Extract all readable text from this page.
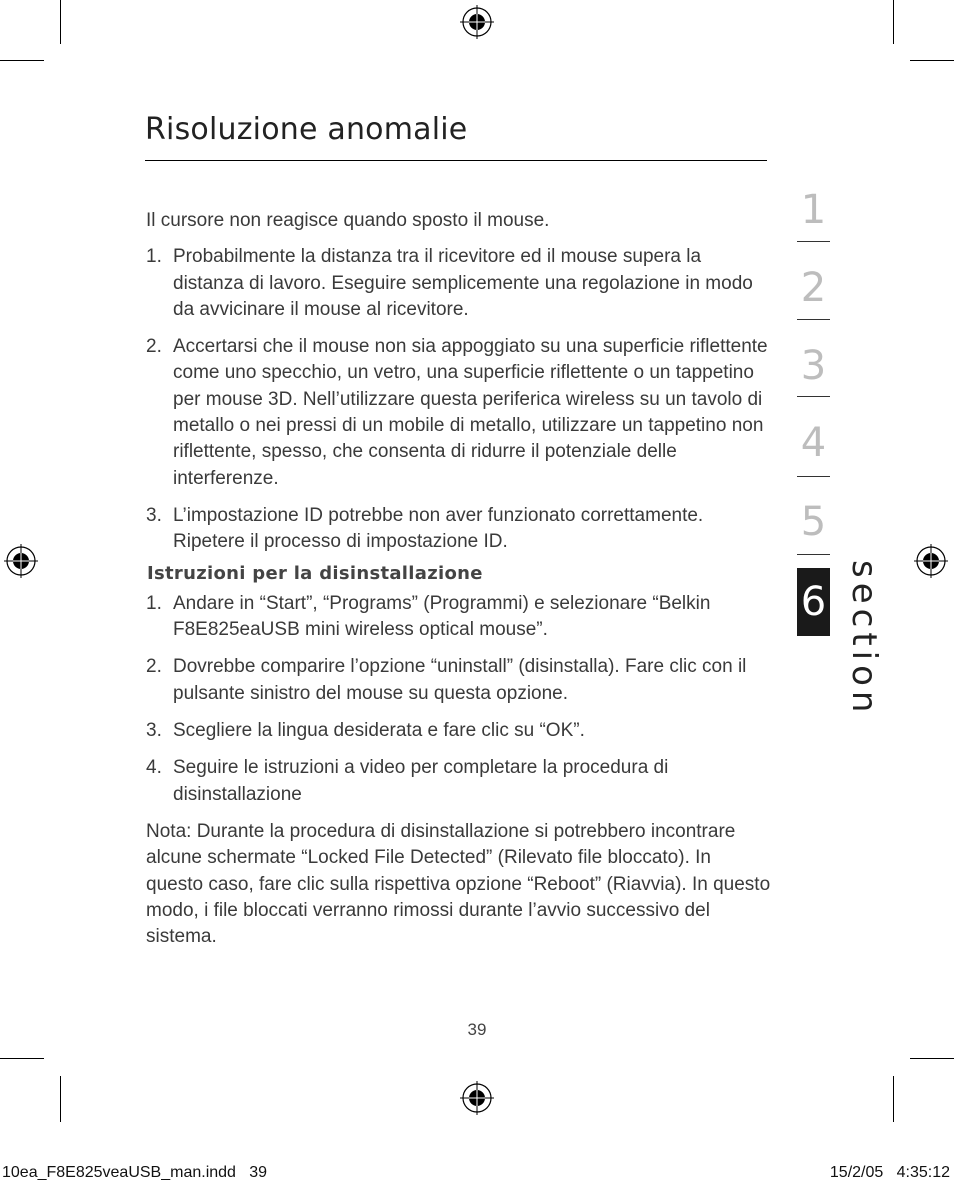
Risoluzione anomalie

Il cursore non reagisce quando sposto il mouse.

1. Probabilmente la distanza tra il ricevitore ed il mouse supera la distanza di lavoro. Eseguire semplicemente una regolazione in modo da avvicinare il mouse al ricevitore.
2. Accertarsi che il mouse non sia appoggiato su una superficie riflettente come uno specchio, un vetro, una superficie riflettente o un tappetino per mouse 3D. Nell’utilizzare questa periferica wireless su un tavolo di metallo o nei pressi di un mobile di metallo, utilizzare un tappetino non riflettente, spesso, che consenta di ridurre il potenziale delle interferenze.
3. L’impostazione ID potrebbe non aver funzionato correttamente. Ripetere il processo di impostazione ID.

Istruzioni per la disinstallazione

1. Andare in “Start”, “Programs” (Programmi) e selezionare “Belkin F8E825eaUSB mini wireless optical mouse”.
2. Dovrebbe comparire l’opzione “uninstall” (disinstalla). Fare clic con il pulsante sinistro del mouse su questa opzione.
3. Scegliere la lingua desiderata e fare clic su “OK”.
4. Seguire le istruzioni a video per completare la procedura di disinstallazione

Nota: Durante la procedura di disinstallazione si potrebbero incontrare alcune schermate “Locked File Detected” (Rilevato file bloccato). In questo caso, fare clic sulla rispettiva opzione “Reboot” (Riavvia). In questo modo, i file bloccati verranno rimossi durante l’avvio successivo del sistema.

1
2
3
4
5
6 section
39
10ea_F8E825veaUSB_man.indd   39	15/2/05   4:35:12
